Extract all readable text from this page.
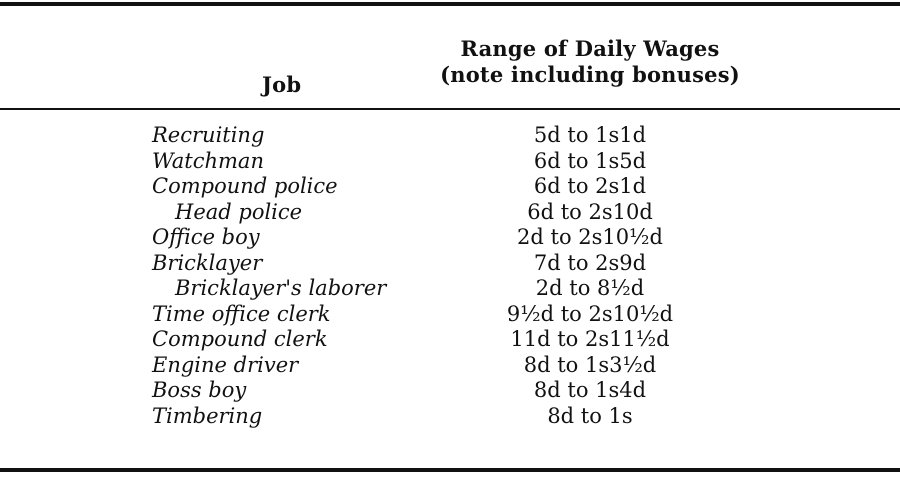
Job
Range of Daily Wages
(note including bonuses)
Recruiting	5d to 1s1d
Watchman	6d to 1s5d
Compound police	6d to 2s1d
Head police	6d to 2s10d
Office boy	2d to 2s10½d
Bricklayer	7d to 2s9d
Bricklayer's laborer	2d to 8½d
Time office clerk	9½d to 2s10½d
Compound clerk	11d to 2s11½d
Engine driver	8d to 1s3½d
Boss boy	8d to 1s4d
Timbering	8d to 1s
